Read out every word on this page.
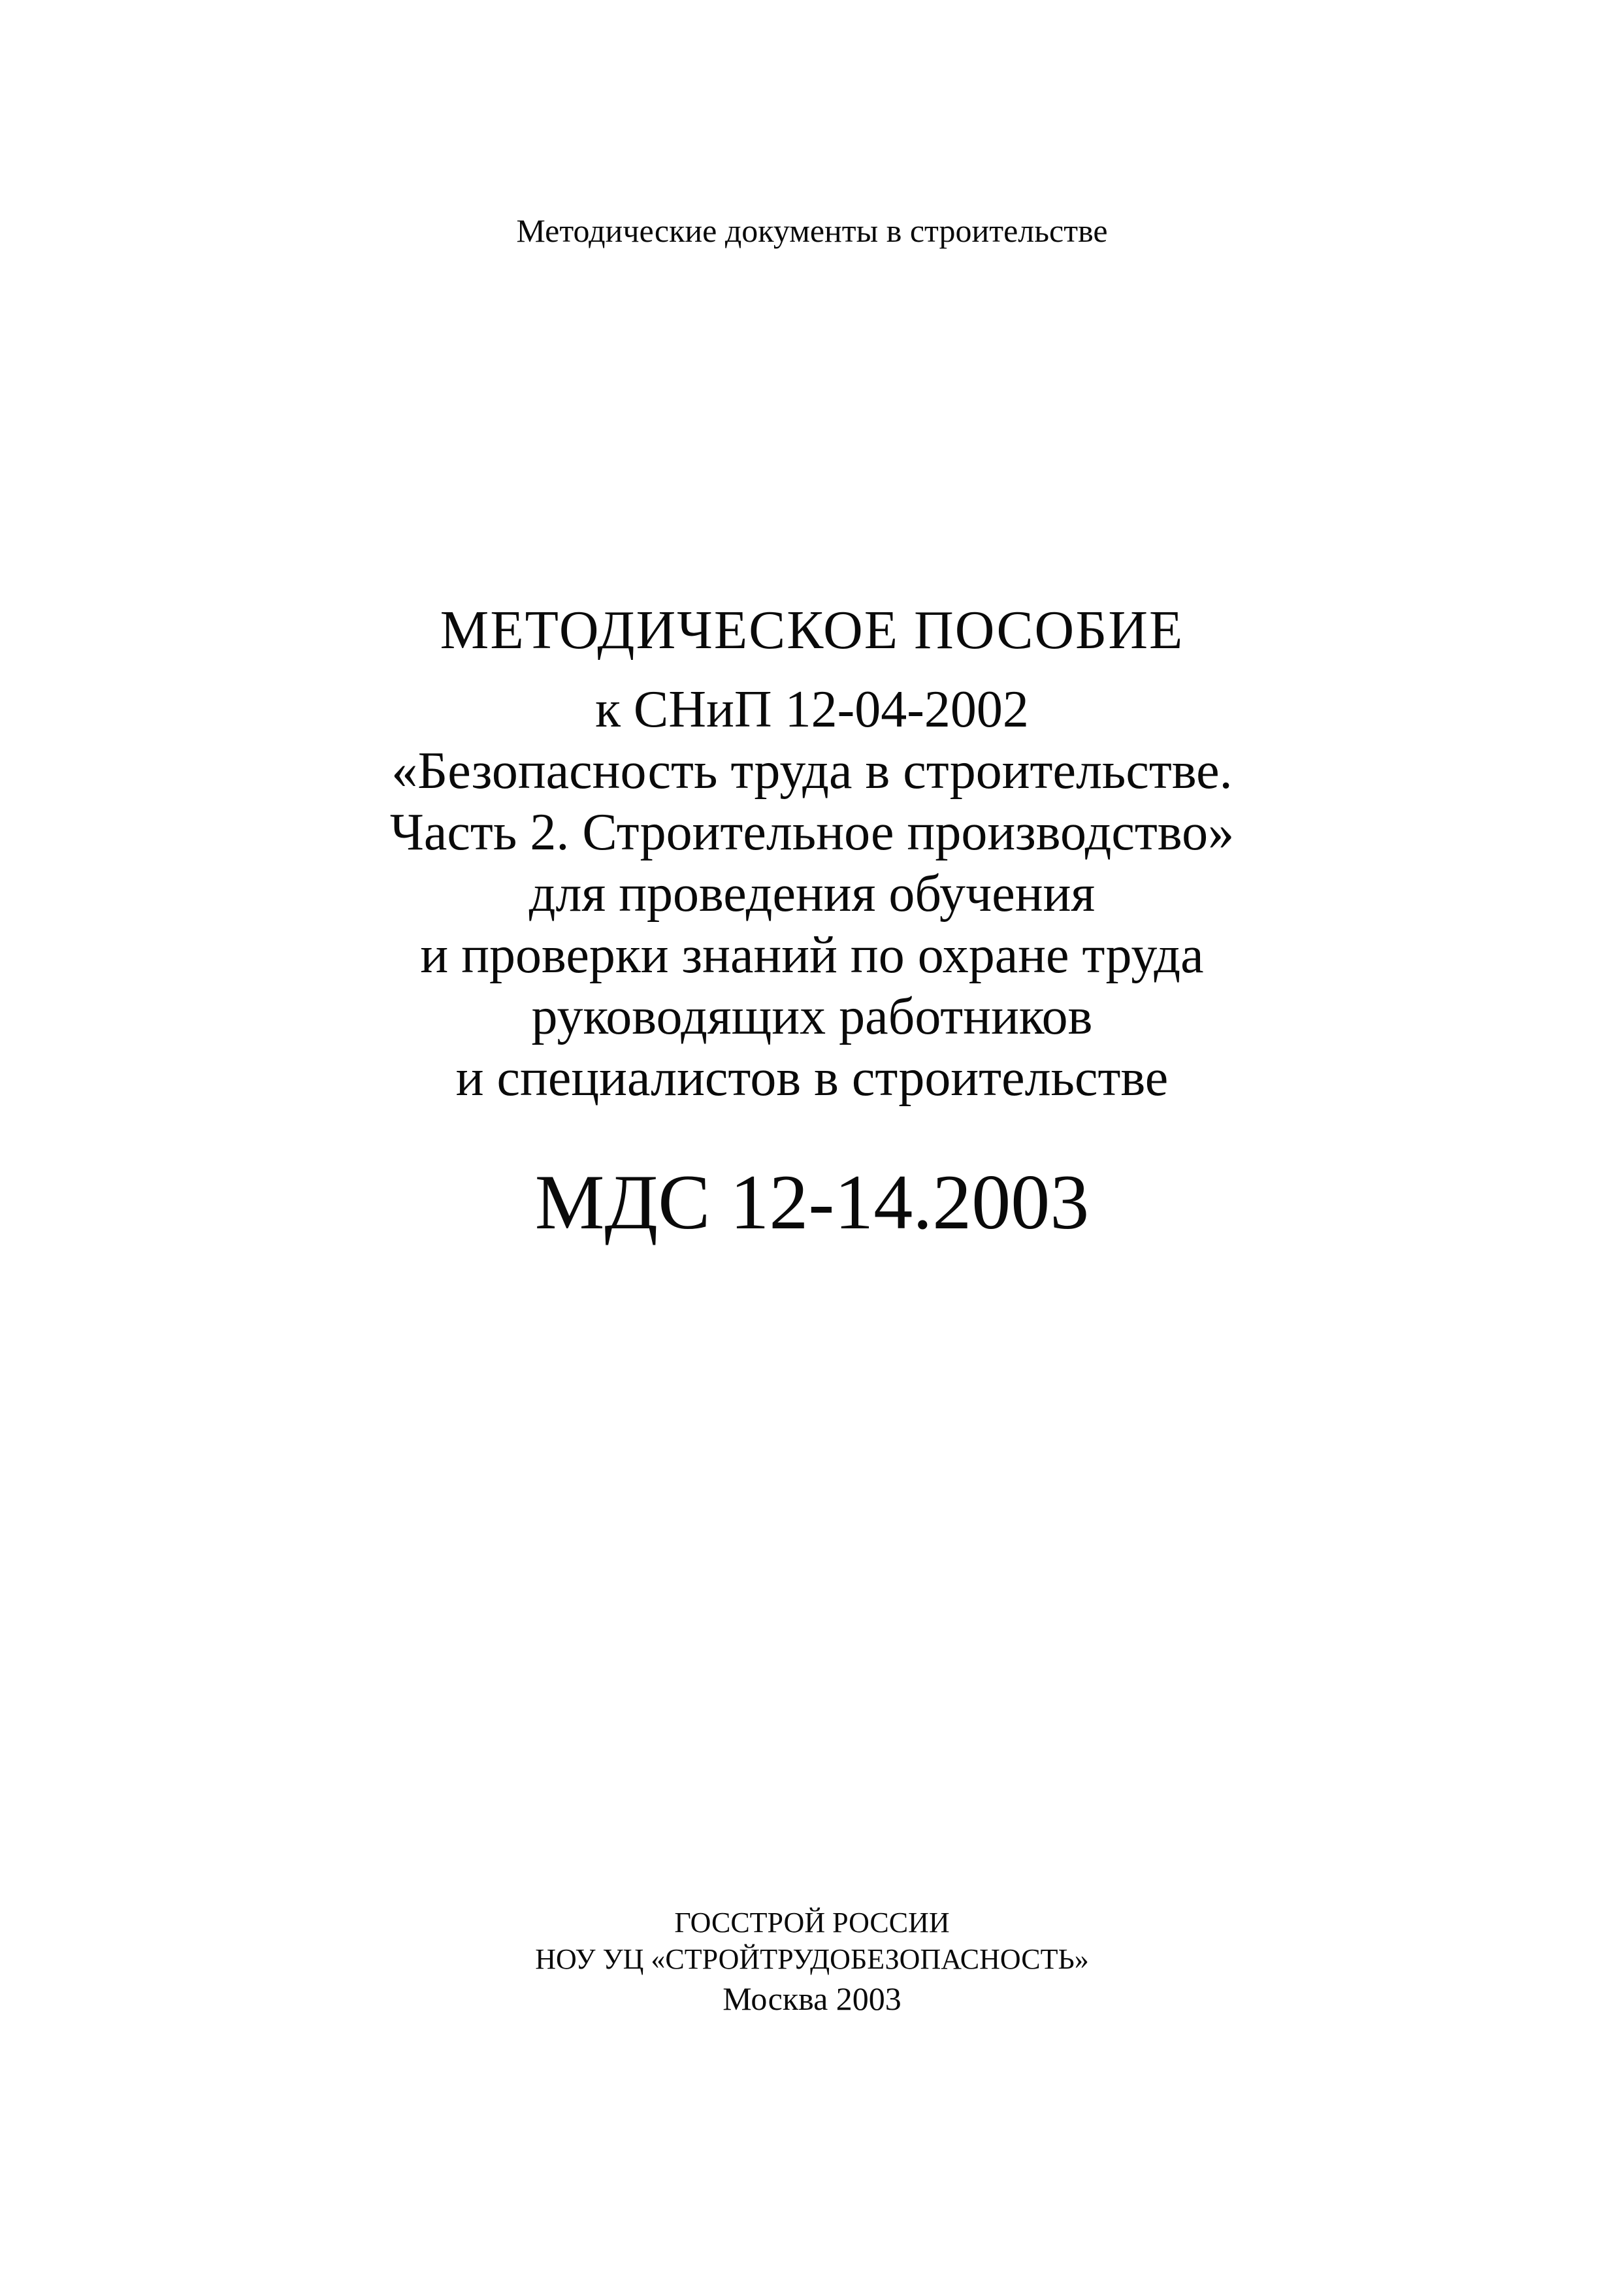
Методические документы в строительстве
МЕТОДИЧЕСКОЕ ПОСОБИЕ
к СНиП 12-04-2002
«Безопасность труда в строительстве.
Часть 2. Строительное производство»
для проведения обучения
и проверки знаний по охране труда
руководящих работников
и специалистов в строительстве
МДС 12-14.2003
ГОССТРОЙ РОССИИ
НОУ УЦ «СТРОЙТРУДОБЕЗОПАСНОСТЬ»
Москва 2003
